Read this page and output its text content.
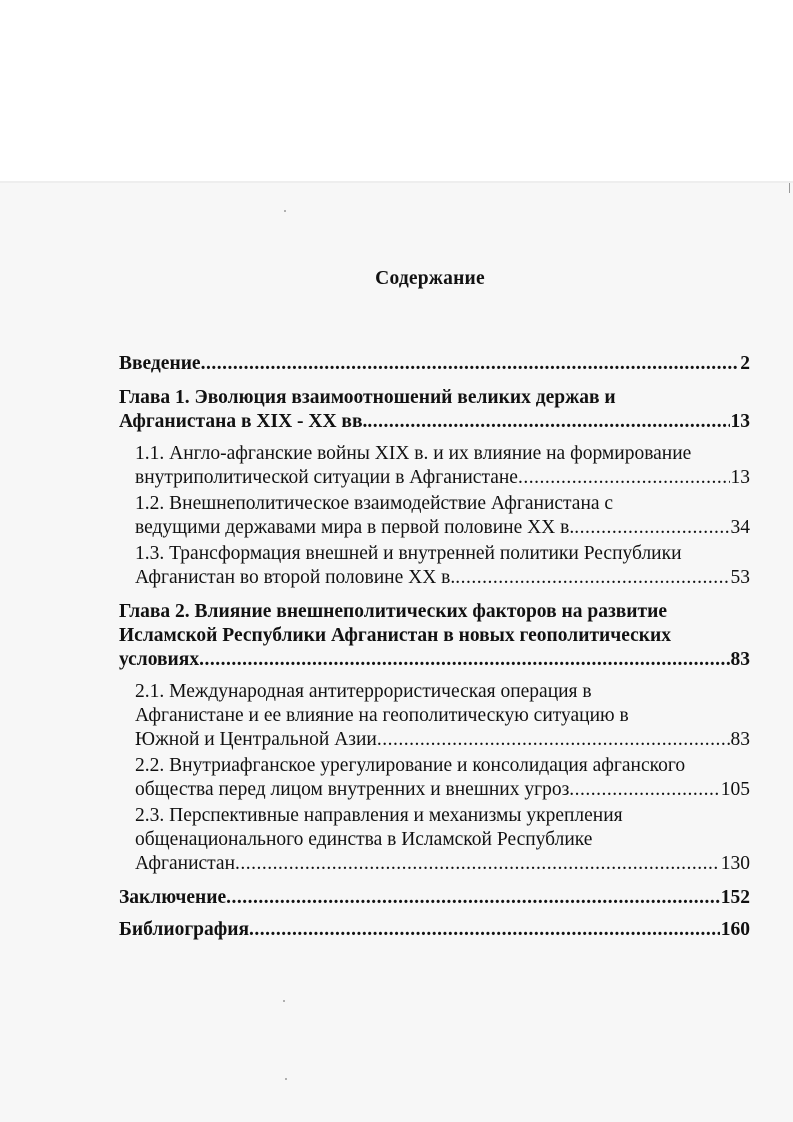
Содержание
Введение .....	2
Глава 1. Эволюция взаимоотношений великих держав и
Афганистана в XIX - XX вв. .....	13
1.1. Англо-афганские войны XIX в. и их влияние на формирование
внутриполитической ситуации в Афганистане .....	13
1.2. Внешнеполитическое взаимодействие Афганистана с
ведущими державами мира в первой половине XX в. .....	34
1.3. Трансформация внешней и внутренней политики Республики
Афганистан во второй половине XX в. .....	53
Глава 2. Влияние внешнеполитических факторов на развитие
Исламской Республики Афганистан в новых геополитических
условиях .....	83
2.1. Международная антитеррористическая операция в
Афганистане и ее влияние на геополитическую ситуацию в
Южной и Центральной Азии .....	83
2.2. Внутриафганское урегулирование и консолидация афганского
общества перед лицом внутренних и внешних угроз .....	105
2.3. Перспективные направления и механизмы укрепления
общенационального единства в Исламской Республике
Афганистан .....	130
Заключение .....	152
Библиография .....	160
